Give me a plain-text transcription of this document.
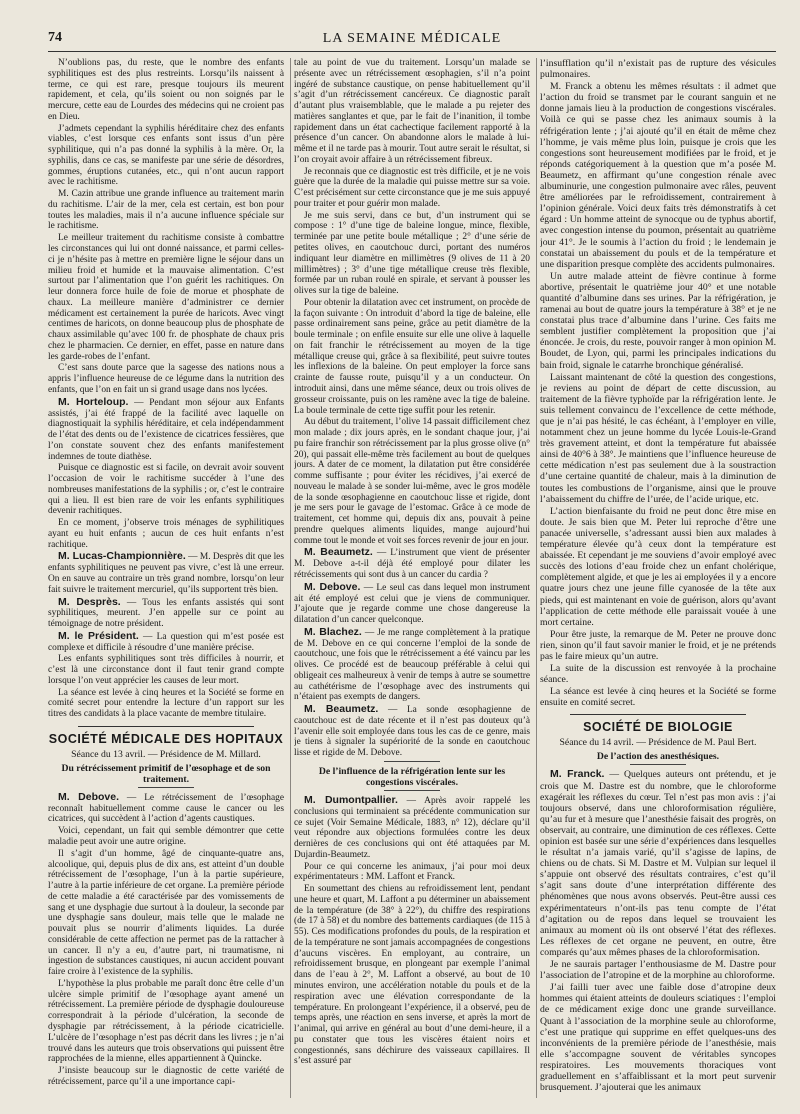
74	LA SEMAINE MÉDICALE

N’oublions pas, du reste, que le nombre des enfants syphilitiques est des plus restreints. Lorsqu’ils naissent à terme, ce qui est rare, presque toujours ils meurent rapidement, et cela, qu’ils soient ou non soignés par le mercure, cette eau de Lourdes des médecins qui ne croient pas en Dieu.

J’admets cependant la syphilis héréditaire chez des enfants viables, c’est lorsque ces enfants sont issus d’un père syphilitique, qui n’a pas donné la syphilis à la mère. Or, la syphilis, dans ce cas, se manifeste par une série de désordres, gommes, éruptions cutanées, etc., qui n’ont aucun rapport avec le rachitisme.

M. Cazin attribue une grande influence au traitement marin du rachitisme. L’air de la mer, cela est certain, est bon pour toutes les maladies, mais il n’a aucune influence spéciale sur le rachitisme.

Le meilleur traitement du rachitisme consiste à combattre les circonstances qui lui ont donné naissance, et parmi celles-ci je n’hésite pas à mettre en première ligne le séjour dans un milieu froid et humide et la mauvaise alimentation. C’est surtout par l’alimentation que l’on guérit les rachitiques. On leur donnera force huile de foie de morue et phosphate de chaux. La meilleure manière d’administrer ce dernier médicament est certainement la purée de haricots. Avec vingt centimes de haricots, on donne beaucoup plus de phosphate de chaux assimilable qu’avec 100 fr. de phosphate de chaux pris chez le pharmacien. Ce dernier, en effet, passe en nature dans les garde-robes de l’enfant.

C’est sans doute parce que la sagesse des nations nous a appris l’influence heureuse de ce légume dans la nutrition des enfants, que l’on en fait un si grand usage dans nos lycées.

M. Horteloup. — Pendant mon séjour aux Enfants assistés, j’ai été frappé de la facilité avec laquelle on diagnostiquait la syphilis héréditaire, et cela indépendamment de l’état des dents ou de l’existence de cicatrices fessières, que l’on constate souvent chez des enfants manifestement indemnes de toute diathèse.

Puisque ce diagnostic est si facile, on devrait avoir souvent l’occasion de voir le rachitisme succéder à l’une des nombreuses manifestations de la syphilis ; or, c’est le contraire qui a lieu. Il est bien rare de voir les enfants syphilitiques devenir rachitiques.

En ce moment, j’observe trois ménages de syphilitiques ayant eu huit enfants ; aucun de ces huit enfants n’est rachitique.

M. Lucas-Championnière. — M. Desprès dit que les enfants syphilitiques ne peuvent pas vivre, c’est là une erreur. On en sauve au contraire un très grand nombre, lorsqu’on leur fait suivre le traitement mercuriel, qu’ils supportent très bien.

M. Desprès. — Tous les enfants assistés qui sont syphilitiques, meurent. J’en appelle sur ce point au témoignage de notre président.

M. le Président. — La question qui m’est posée est complexe et difficile à résoudre d’une manière précise.

Les enfants syphilitiques sont très difficiles à nourrir, et c’est là une circonstance dont il faut tenir grand compte lorsque l’on veut apprécier les causes de leur mort.

La séance est levée à cinq heures et la Société se forme en comité secret pour entendre la lecture d’un rapport sur les titres des candidats à la place vacante de membre titulaire.

SOCIÉTÉ MÉDICALE DES HOPITAUX
Séance du 13 avril. — Présidence de M. Millard.
Du rétrécissement primitif de l’œsophage et de son traitement.

M. Debove. — Le rétrécissement de l’œsophage reconnaît habituellement comme cause le cancer ou les cicatrices, qui succèdent à l’action d’agents caustiques.

Voici, cependant, un fait qui semble démontrer que cette maladie peut avoir une autre origine.

Il s’agit d’un homme, âgé de cinquante-quatre ans, alcoolique, qui, depuis plus de dix ans, est atteint d’un double rétrécissement de l’œsophage, l’un à la partie supérieure, l’autre à la partie inférieure de cet organe. La première période de cette maladie a été caractérisée par des vomissements de sang et une dysphagie due surtout à la douleur, la seconde par une dysphagie sans douleur, mais telle que le malade ne pouvait plus se nourrir d’aliments liquides. La durée considérable de cette affection ne permet pas de la rattacher à un cancer. Il n’y a eu, d’autre part, ni traumatisme, ni ingestion de substances caustiques, ni aucun accident pouvant faire croire à l’existence de la syphilis.

L’hypothèse la plus probable me paraît donc être celle d’un ulcère simple primitif de l’œsophage ayant amené un rétrécissement. La première période de dysphagie douloureuse correspondrait à la période d’ulcération, la seconde de dysphagie par rétrécissement, à la période cicatricielle. L’ulcère de l’œsophage n’est pas décrit dans les livres ; je n’ai trouvé dans les auteurs que trois observations qui puissent être rapprochées de la mienne, elles appartiennent à Quincke.

J’insiste beaucoup sur le diagnostic de cette variété de rétrécissement, parce qu’il a une importance capi-

tale au point de vue du traitement. Lorsqu’un malade se présente avec un rétrécissement œsophagien, s’il n’a point ingéré de substance caustique, on pense habituellement qu’il s’agit d’un rétrécissement cancéreux. Ce diagnostic paraît d’autant plus vraisemblable, que le malade a pu rejeter des matières sanglantes et que, par le fait de l’inanition, il tombe rapidement dans un état cachectique facilement rapporté à la présence d’un cancer. On abandonne alors le malade à lui-même et il ne tarde pas à mourir. Tout autre serait le résultat, si l’on croyait avoir affaire à un rétrécissement fibreux.

Je reconnais que ce diagnostic est très difficile, et je ne vois guère que la durée de la maladie qui puisse mettre sur sa voie. C’est précisément sur cette circonstance que je me suis appuyé pour traiter et pour guérir mon malade.

Je me suis servi, dans ce but, d’un instrument qui se compose : 1° d’une tige de baleine longue, mince, flexible, terminée par une petite boule métallique ; 2° d’une série de petites olives, en caoutchouc durci, portant des numéros indiquant leur diamètre en millimètres (9 olives de 11 à 20 millimètres) ; 3° d’une tige métallique creuse très flexible, formée par un ruban roulé en spirale, et servant à pousser les olives sur la tige de baleine.

Pour obtenir la dilatation avec cet instrument, on procède de la façon suivante : On introduit d’abord la tige de baleine, elle passe ordinairement sans peine, grâce au petit diamètre de la boule terminale ; on enfile ensuite sur elle une olive à laquelle on fait franchir le rétrécissement au moyen de la tige métallique creuse qui, grâce à sa flexibilité, peut suivre toutes les inflexions de la baleine. On peut employer la force sans crainte de fausse route, puisqu’il y a un conducteur. On introduit ainsi, dans une même séance, deux ou trois olives de grosseur croissante, puis on les ramène avec la tige de baleine. La boule terminale de cette tige suffit pour les retenir.

Au début du traitement, l’olive 14 passait difficilement chez mon malade ; dix jours après, en le sondant chaque jour, j’ai pu faire franchir son rétrécissement par la plus grosse olive (n° 20), qui passait elle-même très facilement au bout de quelques jours. A dater de ce moment, la dilatation put être considérée comme suffisante ; pour éviter les récidives, j’ai exercé de nouveau le malade à se sonder lui-même, avec le gros modèle de la sonde œsophagienne en caoutchouc lisse et rigide, dont je me sers pour le gavage de l’estomac. Grâce à ce mode de traitement, cet homme qui, depuis dix ans, pouvait à peine prendre quelques aliments liquides, mange aujourd’hui comme tout le monde et voit ses forces revenir de jour en jour.

M. Beaumetz. — L’instrument que vient de présenter M. Debove a-t-il déjà été employé pour dilater les rétrécissements qui sont dus à un cancer du cardia ?

M. Debove. — Le seul cas dans lequel mon instrument ait été employé est celui que je viens de communiquer. J’ajoute que je regarde comme une chose dangereuse la dilatation d’un cancer quelconque.

M. Blachez. — Je me range complètement à la pratique de M. Debove en ce qui concerne l’emploi de la sonde de caoutchouc, une fois que le rétrécissement a été vaincu par les olives. Ce procédé est de beaucoup préférable à celui qui obligeait ces malheureux à venir de temps à autre se soumettre au cathétérisme de l’œsophage avec des instruments qui n’étaient pas exempts de dangers.

M. Beaumetz. — La sonde œsophagienne de caoutchouc est de date récente et il n’est pas douteux qu’à l’avenir elle soit employée dans tous les cas de ce genre, mais je tiens à signaler la supériorité de la sonde en caoutchouc lisse et rigide de M. Debove.

De l’influence de la réfrigération lente sur les congestions viscérales.

M. Dumontpallier. — Après avoir rappelé les conclusions qui terminaient sa précédente communication sur ce sujet (Voir Semaine Médicale, 1883, n° 12), déclare qu’il veut répondre aux objections formulées contre les deux dernières de ces conclusions qui ont été attaquées par M. Dujardin-Beaumetz.

Pour ce qui concerne les animaux, j’ai pour moi deux expérimentateurs : MM. Laffont et Franck.

En soumettant des chiens au refroidissement lent, pendant une heure et quart, M. Laffont a pu déterminer un abaissement de la température (de 38° à 22°), du chiffre des respirations (de 17 à 58) et du nombre des battements cardiaques (de 115 à 55). Ces modifications profondes du pouls, de la respiration et de la température ne sont jamais accompagnées de congestions d’aucuns viscères. En employant, au contraire, un refroidissement brusque, en plongeant par exemple l’animal dans de l’eau à 2°, M. Laffont a observé, au bout de 10 minutes environ, une accélération notable du pouls et de la respiration avec une élévation correspondante de la température. En prolongeant l’expérience, il a observé, peu de temps après, une réaction en sens inverse, et après la mort de l’animal, qui arrive en général au bout d’une demi-heure, il a pu constater que tous les viscères étaient noirs et congestionnés, sans déchirure des vaisseaux capillaires. Il s’est assuré par

l’insufflation qu’il n’existait pas de rupture des vésicules pulmonaires.

M. Franck a obtenu les mêmes résultats : il admet que l’action du froid se transmet par le courant sanguin et ne donne jamais lieu à la production de congestions viscérales. Voilà ce qui se passe chez les animaux soumis à la réfrigération lente ; j’ai ajouté qu’il en était de même chez l’homme, je vais même plus loin, puisque je crois que les congestions sont heureusement modifiées par le froid, et je réponds catégoriquement à la question que m’a posée M. Beaumetz, en affirmant qu’une congestion rénale avec albuminurie, une congestion pulmonaire avec râles, peuvent être améliorées par le refroidissement, contrairement à l’opinion générale. Voici deux faits très démonstratifs à cet égard : Un homme atteint de synocque ou de typhus abortif, avec congestion intense du poumon, présentait au quatrième jour 41°. Je le soumis à l’action du froid ; le lendemain je constatai un abaissement du pouls et de la température et une disparition presque complète des accidents pulmonaires.

Un autre malade atteint de fièvre continue à forme abortive, présentait le quatrième jour 40° et une notable quantité d’albumine dans ses urines. Par la réfrigération, je ramenai au bout de quatre jours la température à 38° et je ne constatai plus trace d’albumine dans l’urine. Ces faits me semblent justifier complètement la proposition que j’ai énoncée. Je crois, du reste, pouvoir ranger à mon opinion M. Boudet, de Lyon, qui, parmi les principales indications du bain froid, signale le catarrhe bronchique généralisé.

Laissant maintenant de côté la question des congestions, je reviens au point de départ de cette discussion, au traitement de la fièvre typhoïde par la réfrigération lente. Je suis tellement convaincu de l’excellence de cette méthode, que je n’ai pas hésité, le cas échéant, à l’employer en ville, notamment chez un jeune homme du lycée Louis-le-Grand très gravement atteint, et dont la température fut abaissée ainsi de 40°6 à 38°. Je maintiens que l’influence heureuse de cette médication n’est pas seulement due à la soustraction d’une certaine quantité de chaleur, mais à la diminution de toutes les combustions de l’organisme, ainsi que le prouve l’abaissement du chiffre de l’urée, de l’acide urique, etc.

L’action bienfaisante du froid ne peut donc être mise en doute. Je sais bien que M. Peter lui reproche d’être une panacée universelle, s’adressant aussi bien aux malades à température élevée qu’à ceux dont la température est abaissée. Et cependant je me souviens d’avoir employé avec succès des lotions d’eau froide chez un enfant cholérique, complètement algide, et que je les ai employées il y a encore quatre jours chez une jeune fille cyanosée de la tête aux pieds, qui est maintenant en voie de guérison, alors qu’avant l’application de cette méthode elle paraissait vouée à une mort certaine.

Pour être juste, la remarque de M. Peter ne prouve donc rien, sinon qu’il faut savoir manier le froid, et je ne prétends pas le faire mieux qu’un autre.

La suite de la discussion est renvoyée à la prochaine séance.

La séance est levée à cinq heures et la Société se forme ensuite en comité secret.

SOCIÉTÉ DE BIOLOGIE
Séance du 14 avril. — Présidence de M. Paul Bert.
De l’action des anesthésiques.

M. Franck. — Quelques auteurs ont prétendu, et je crois que M. Dastre est du nombre, que le chloroforme exagérait les réflexes du cœur. Tel n’est pas mon avis : j’ai toujours observé, dans une chloroformisation régulière, qu’au fur et à mesure que l’anesthésie faisait des progrès, on observait, au contraire, une diminution de ces réflexes. Cette opinion est basée sur une série d’expériences dans lesquelles le résultat n’a jamais varié, qu’il s’agisse de lapins, de chiens ou de chats. Si M. Dastre et M. Vulpian sur lequel il s’appuie ont observé des résultats contraires, c’est qu’il s’agit sans doute d’une interprétation différente des phénomènes que nous avons observés. Peut-être aussi ces expérimentateurs n’ont-ils pas tenu compte de l’état d’agitation ou de repos dans lequel se trouvaient les animaux au moment où ils ont observé l’état des réflexes. Les réflexes de cet organe ne peuvent, en outre, être comparés qu’aux mêmes phases de la chloroformisation.

Je ne saurais partager l’enthousiasme de M. Dastre pour l’association de l’atropine et de la morphine au chloroforme.

J’ai failli tuer avec une faible dose d’atropine deux hommes qui étaient atteints de douleurs sciatiques : l’emploi de ce médicament exige donc une grande surveillance. Quant à l’association de la morphine seule au chloroforme, c’est une pratique qui supprime en effet quelques-uns des inconvénients de la première période de l’anesthésie, mais elle s’accompagne souvent de véritables syncopes respiratoires. Les mouvements thoraciques vont graduellement en s’affaiblissant et la mort peut survenir brusquement. J’ajouterai que les animaux
